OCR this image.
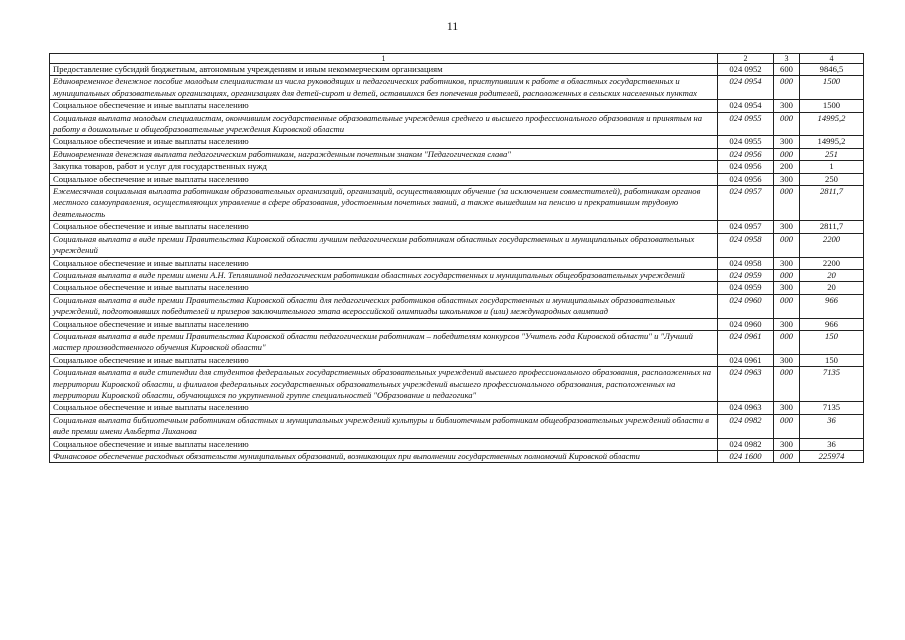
11
1	2	3	4
Предоставление субсидий бюджетным, автономным учреждениям и иным некоммерческим организациям	024 0952	600	9846,5
Единовременное денежное пособие молодым специалистам из числа руководящих и педагогических работников, приступившим к работе в областных государственных и муниципальных образовательных организациях, организациях для детей-сирот и детей, оставшихся без попечения родителей, расположенных в сельских населенных пунктах	024 0954	000	1500
Социальное обеспечение и иные выплаты населению	024 0954	300	1500
Социальная выплата молодым специалистам, окончившим государственные образовательные учреждения среднего и высшего профессионального образования и принятым на работу в дошкольные и общеобразовательные учреждения Кировской области	024 0955	000	14995,2
Социальное обеспечение и иные выплаты населению	024 0955	300	14995,2
Единовременная денежная выплата педагогическим работникам, награжденным почетным знаком "Педагогическая слава"	024 0956	000	251
Закупка товаров, работ и услуг для государственных нужд	024 0956	200	1
Социальное обеспечение и иные выплаты населению	024 0956	300	250
Ежемесячная социальная выплата работникам образовательных организаций, организаций, осуществляющих обучение (за исключением совместителей), работникам органов местного самоуправления, осуществляющих управление в сфере образования, удостоенным почетных званий, а также вышедшим на пенсию и прекратившим трудовую деятельность	024 0957	000	2811,7
Социальное обеспечение и иные выплаты населению	024 0957	300	2811,7
Социальная выплата в виде премии Правительства Кировской области лучшим педагогическим работникам областных государственных и муниципальных образовательных учреждений	024 0958	000	2200
Социальное обеспечение и иные выплаты населению	024 0958	300	2200
Социальная выплата в виде премии имени А.Н. Тепляшиной педагогическим работникам областных государственных и муниципальных общеобразовательных учреждений	024 0959	000	20
Социальное обеспечение и иные выплаты населению	024 0959	300	20
Социальная выплата в виде премии Правительства Кировской области для педагогических работников областных государственных и муниципальных образовательных учреждений, подготовивших победителей и призеров заключительного этапа всероссийской олимпиады школьников и (или) международных олимпиад	024 0960	000	966
Социальное обеспечение и иные выплаты населению	024 0960	300	966
Социальная выплата в виде премии Правительства Кировской области педагогическим работникам – победителям конкурсов "Учитель года Кировской области" и "Лучший мастер производственного обучения Кировской области"	024 0961	000	150
Социальное обеспечение и иные выплаты населению	024 0961	300	150
Социальная выплата в виде стипендии для студентов федеральных государственных образовательных учреждений высшего профессионального образования, расположенных на территории Кировской области, и филиалов федеральных государственных образовательных учреждений высшего профессионального образования, расположенных на территории Кировской области, обучающихся по укрупненной группе специальностей "Образование и педагогика"	024 0963	000	7135
Социальное обеспечение и иные выплаты населению	024 0963	300	7135
Социальная выплата библиотечным работникам областных и муниципальных учреждений культуры и библиотечным работникам общеобразовательных учреждений области в виде премии имени Альберта Лиханова	024 0982	000	36
Социальное обеспечение и иные выплаты населению	024 0982	300	36
Финансовое обеспечение расходных обязательств муниципальных образований, возникающих при выполнении государственных полномочий Кировской области	024 1600	000	225974
